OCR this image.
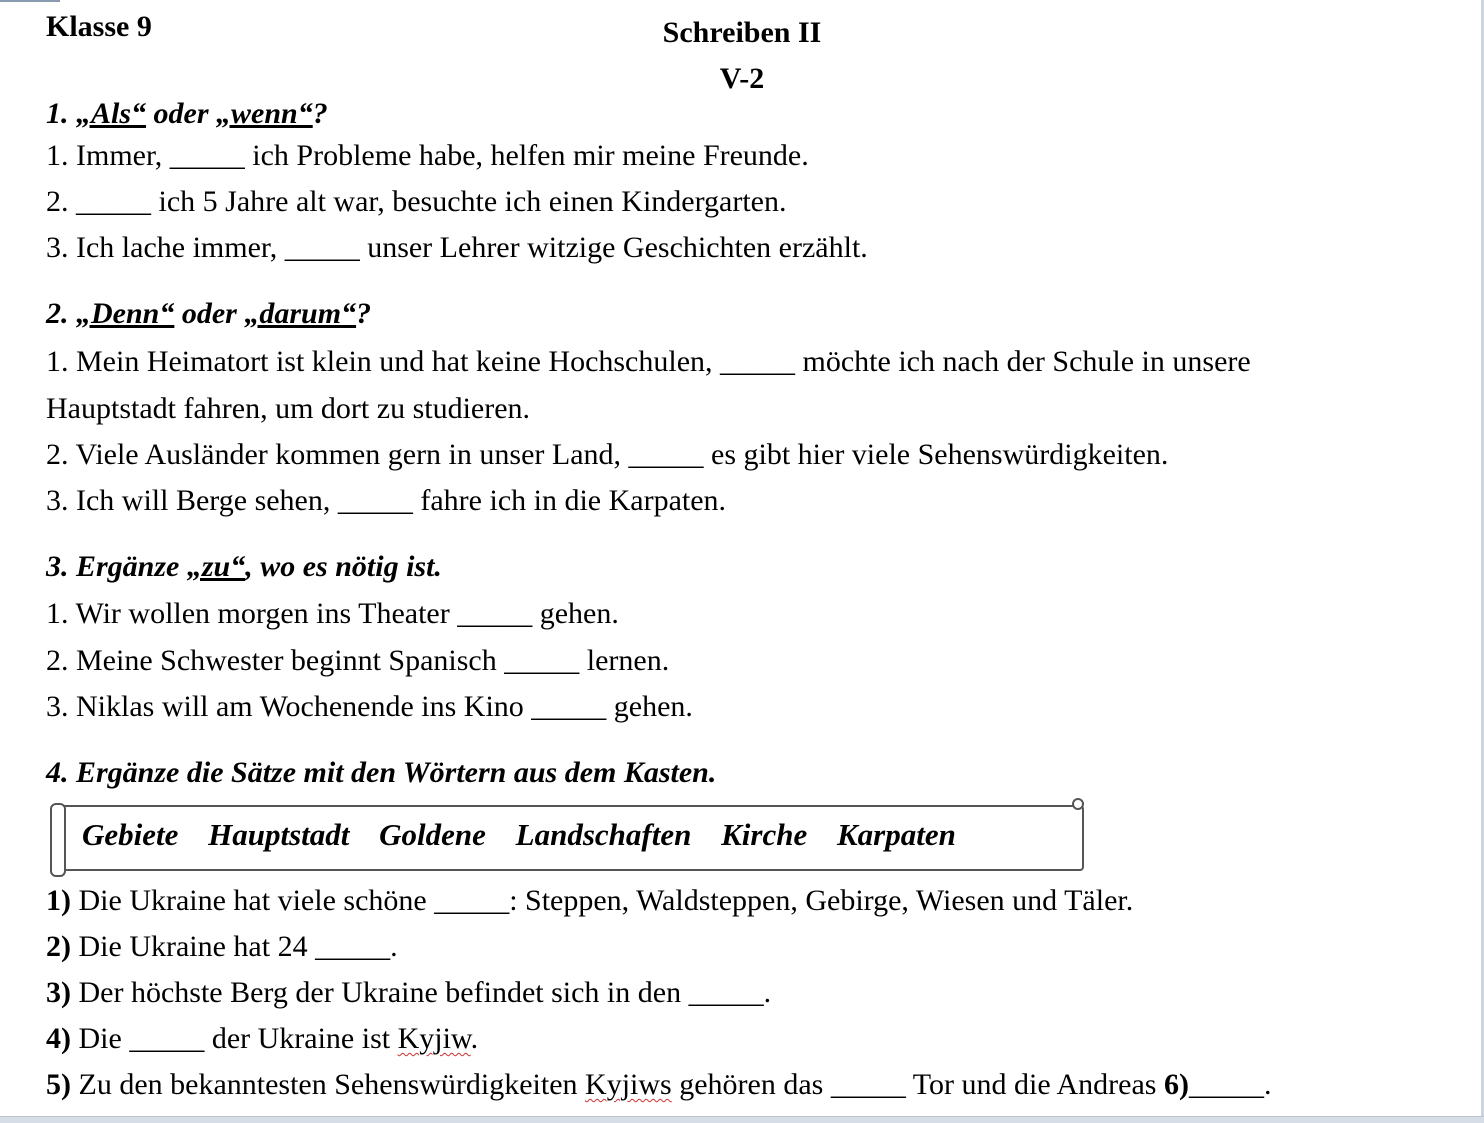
Klasse 9	Schreiben II
V-2
1. „Als“ oder „wenn“?
1. Immer, _____ ich Probleme habe, helfen mir meine Freunde.
2. _____ ich 5 Jahre alt war, besuchte ich einen Kindergarten.
3. Ich lache immer, _____ unser Lehrer witzige Geschichten erzählt.
2. „Denn“ oder „darum“?
1. Mein Heimatort ist klein und hat keine Hochschulen, _____ möchte ich nach der Schule in unsere
Hauptstadt fahren, um dort zu studieren.
2. Viele Ausländer kommen gern in unser Land, _____ es gibt hier viele Sehenswürdigkeiten.
3. Ich will Berge sehen, _____ fahre ich in die Karpaten.
3. Ergänze „zu“, wo es nötig ist.
1. Wir wollen morgen ins Theater _____ gehen.
2. Meine Schwester beginnt Spanisch _____ lernen.
3. Niklas will am Wochenende ins Kino _____ gehen.
4. Ergänze die Sätze mit den Wörtern aus dem Kasten.
Gebiete Hauptstadt Goldene Landschaften Kirche Karpaten
1) Die Ukraine hat viele schöne _____: Steppen, Waldsteppen, Gebirge, Wiesen und Täler.
2) Die Ukraine hat 24 _____.
3) Der höchste Berg der Ukraine befindet sich in den _____.
4) Die _____ der Ukraine ist Kyjiw.
5) Zu den bekanntesten Sehenswürdigkeiten Kyjiws gehören das _____ Tor und die Andreas 6)_____.
